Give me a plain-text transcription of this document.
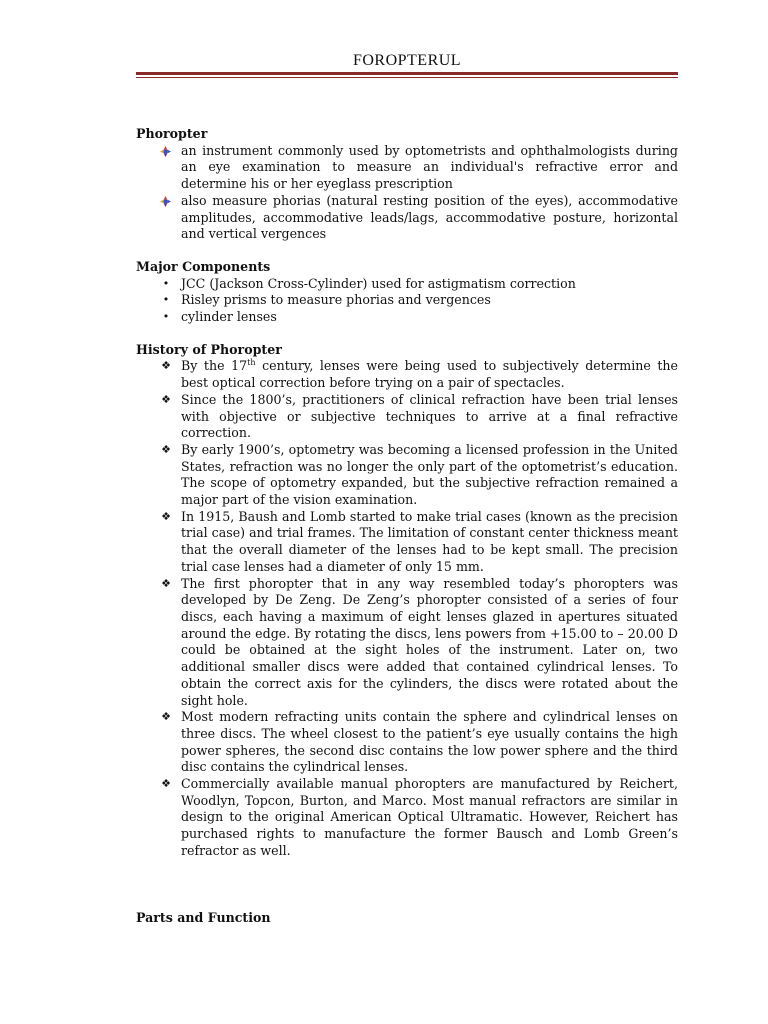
FOROPTERUL

Phoropter

an instrument commonly used by optometrists and ophthalmologists during an eye examination to measure an individual's refractive error and determine his or her eyeglass prescription
also measure phorias (natural resting position of the eyes), accommodative amplitudes, accommodative leads/lags, accommodative posture, horizontal and vertical vergences

Major Components

• JCC (Jackson Cross-Cylinder) used for astigmatism correction
• Risley prisms to measure phorias and vergences
• cylinder lenses

History of Phoropter

❖ By the 17th century, lenses were being used to subjectively determine the best optical correction before trying on a pair of spectacles.
❖ Since the 1800’s, practitioners of clinical refraction have been trial lenses with objective or subjective techniques to arrive at a final refractive correction.
❖ By early 1900’s, optometry was becoming a licensed profession in the United States, refraction was no longer the only part of the optometrist’s education. The scope of optometry expanded, but the subjective refraction remained a major part of the vision examination.
❖ In 1915, Baush and Lomb started to make trial cases (known as the precision trial case) and trial frames. The limitation of constant center thickness meant that the overall diameter of the lenses had to be kept small. The precision trial case lenses had a diameter of only 15 mm.
❖ The first phoropter that in any way resembled today’s phoropters was developed by De Zeng. De Zeng’s phoropter consisted of a series of four discs, each having a maximum of eight lenses glazed in apertures situated around the edge. By rotating the discs, lens powers from +15.00 to – 20.00 D could be obtained at the sight holes of the instrument. Later on, two additional smaller discs were added that contained cylindrical lenses. To obtain the correct axis for the cylinders, the discs were rotated about the sight hole.
❖ Most modern refracting units contain the sphere and cylindrical lenses on three discs. The wheel closest to the patient’s eye usually contains the high power spheres, the second disc contains the low power sphere and the third disc contains the cylindrical lenses.
❖ Commercially available manual phoropters are manufactured by Reichert, Woodlyn, Topcon, Burton, and Marco. Most manual refractors are similar in design to the original American Optical Ultramatic. However, Reichert has purchased rights to manufacture the former Bausch and Lomb Green’s refractor as well.

Parts and Function
